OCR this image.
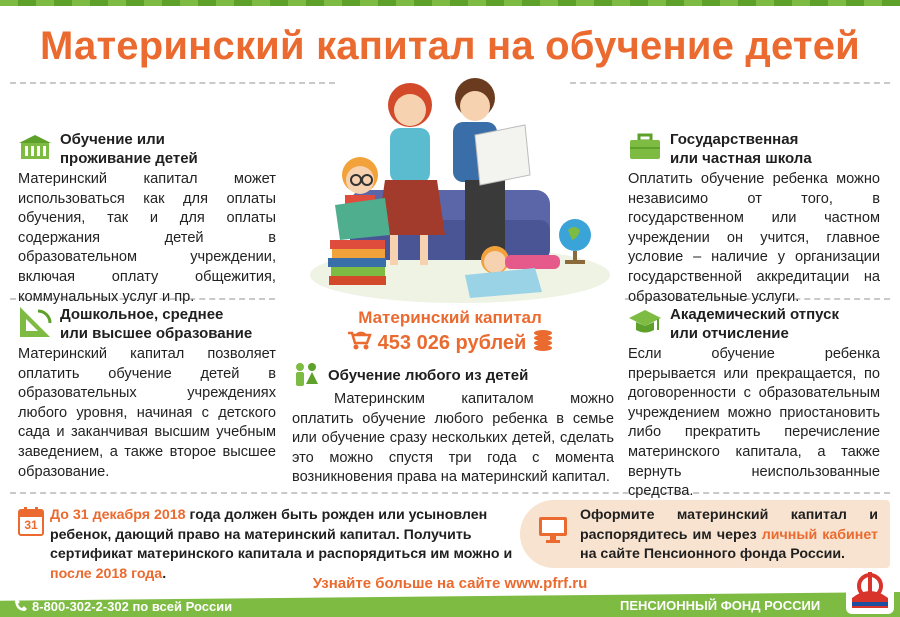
Материнский капитал на обучение детей
Обучение или проживание детей

Материнский капитал может использоваться как для оплаты обучения, так и для оплаты содержания детей в образовательном учреждении, включая оплату общежития, коммунальных услуг и пр.

Дошкольное, среднее
или высшее образование

Материнский капитал позволяет оплатить обучение детей в образовательных учреждениях любого уровня, начиная с детского сада и заканчивая высшим учебным заведением, а также второе высшее образование.

Государственная
или частная школа

Оплатить обучение ребенка можно независимо от того, в государственном или частном учреждении он учится, главное условие – наличие у организации государственной аккредитации на образовательные услуги.

Академический отпуск
или отчисление

Если обучение ребенка прерывается или прекращается, по договоренности с образовательным учреждением можно приостановить либо прекратить перечисление материнского капитала, а также вернуть неиспользованные средства.

Материнский капитал
453 026 рублей
Обучение любого из детей

Материнским капиталом можно оплатить обучение любого ребенка в семье или обучение сразу нескольких детей, сделать это можно спустя три года с момента возникновения права на материнский капитал.

31

До 31 декабря 2018 года должен быть рожден или усыновлен ребенок, дающий право на материнский капитал. Получить сертификат материнского капитала и распорядиться им можно и после 2018 года.

Оформите материнский капитал и распорядитесь им через личный кабинет на сайте Пенсионного фонда России.

Узнайте больше на сайте www.pfrf.ru
8-800-302-2-302 по всей России	ПЕНСИОННЫЙ ФОНД РОССИИ
